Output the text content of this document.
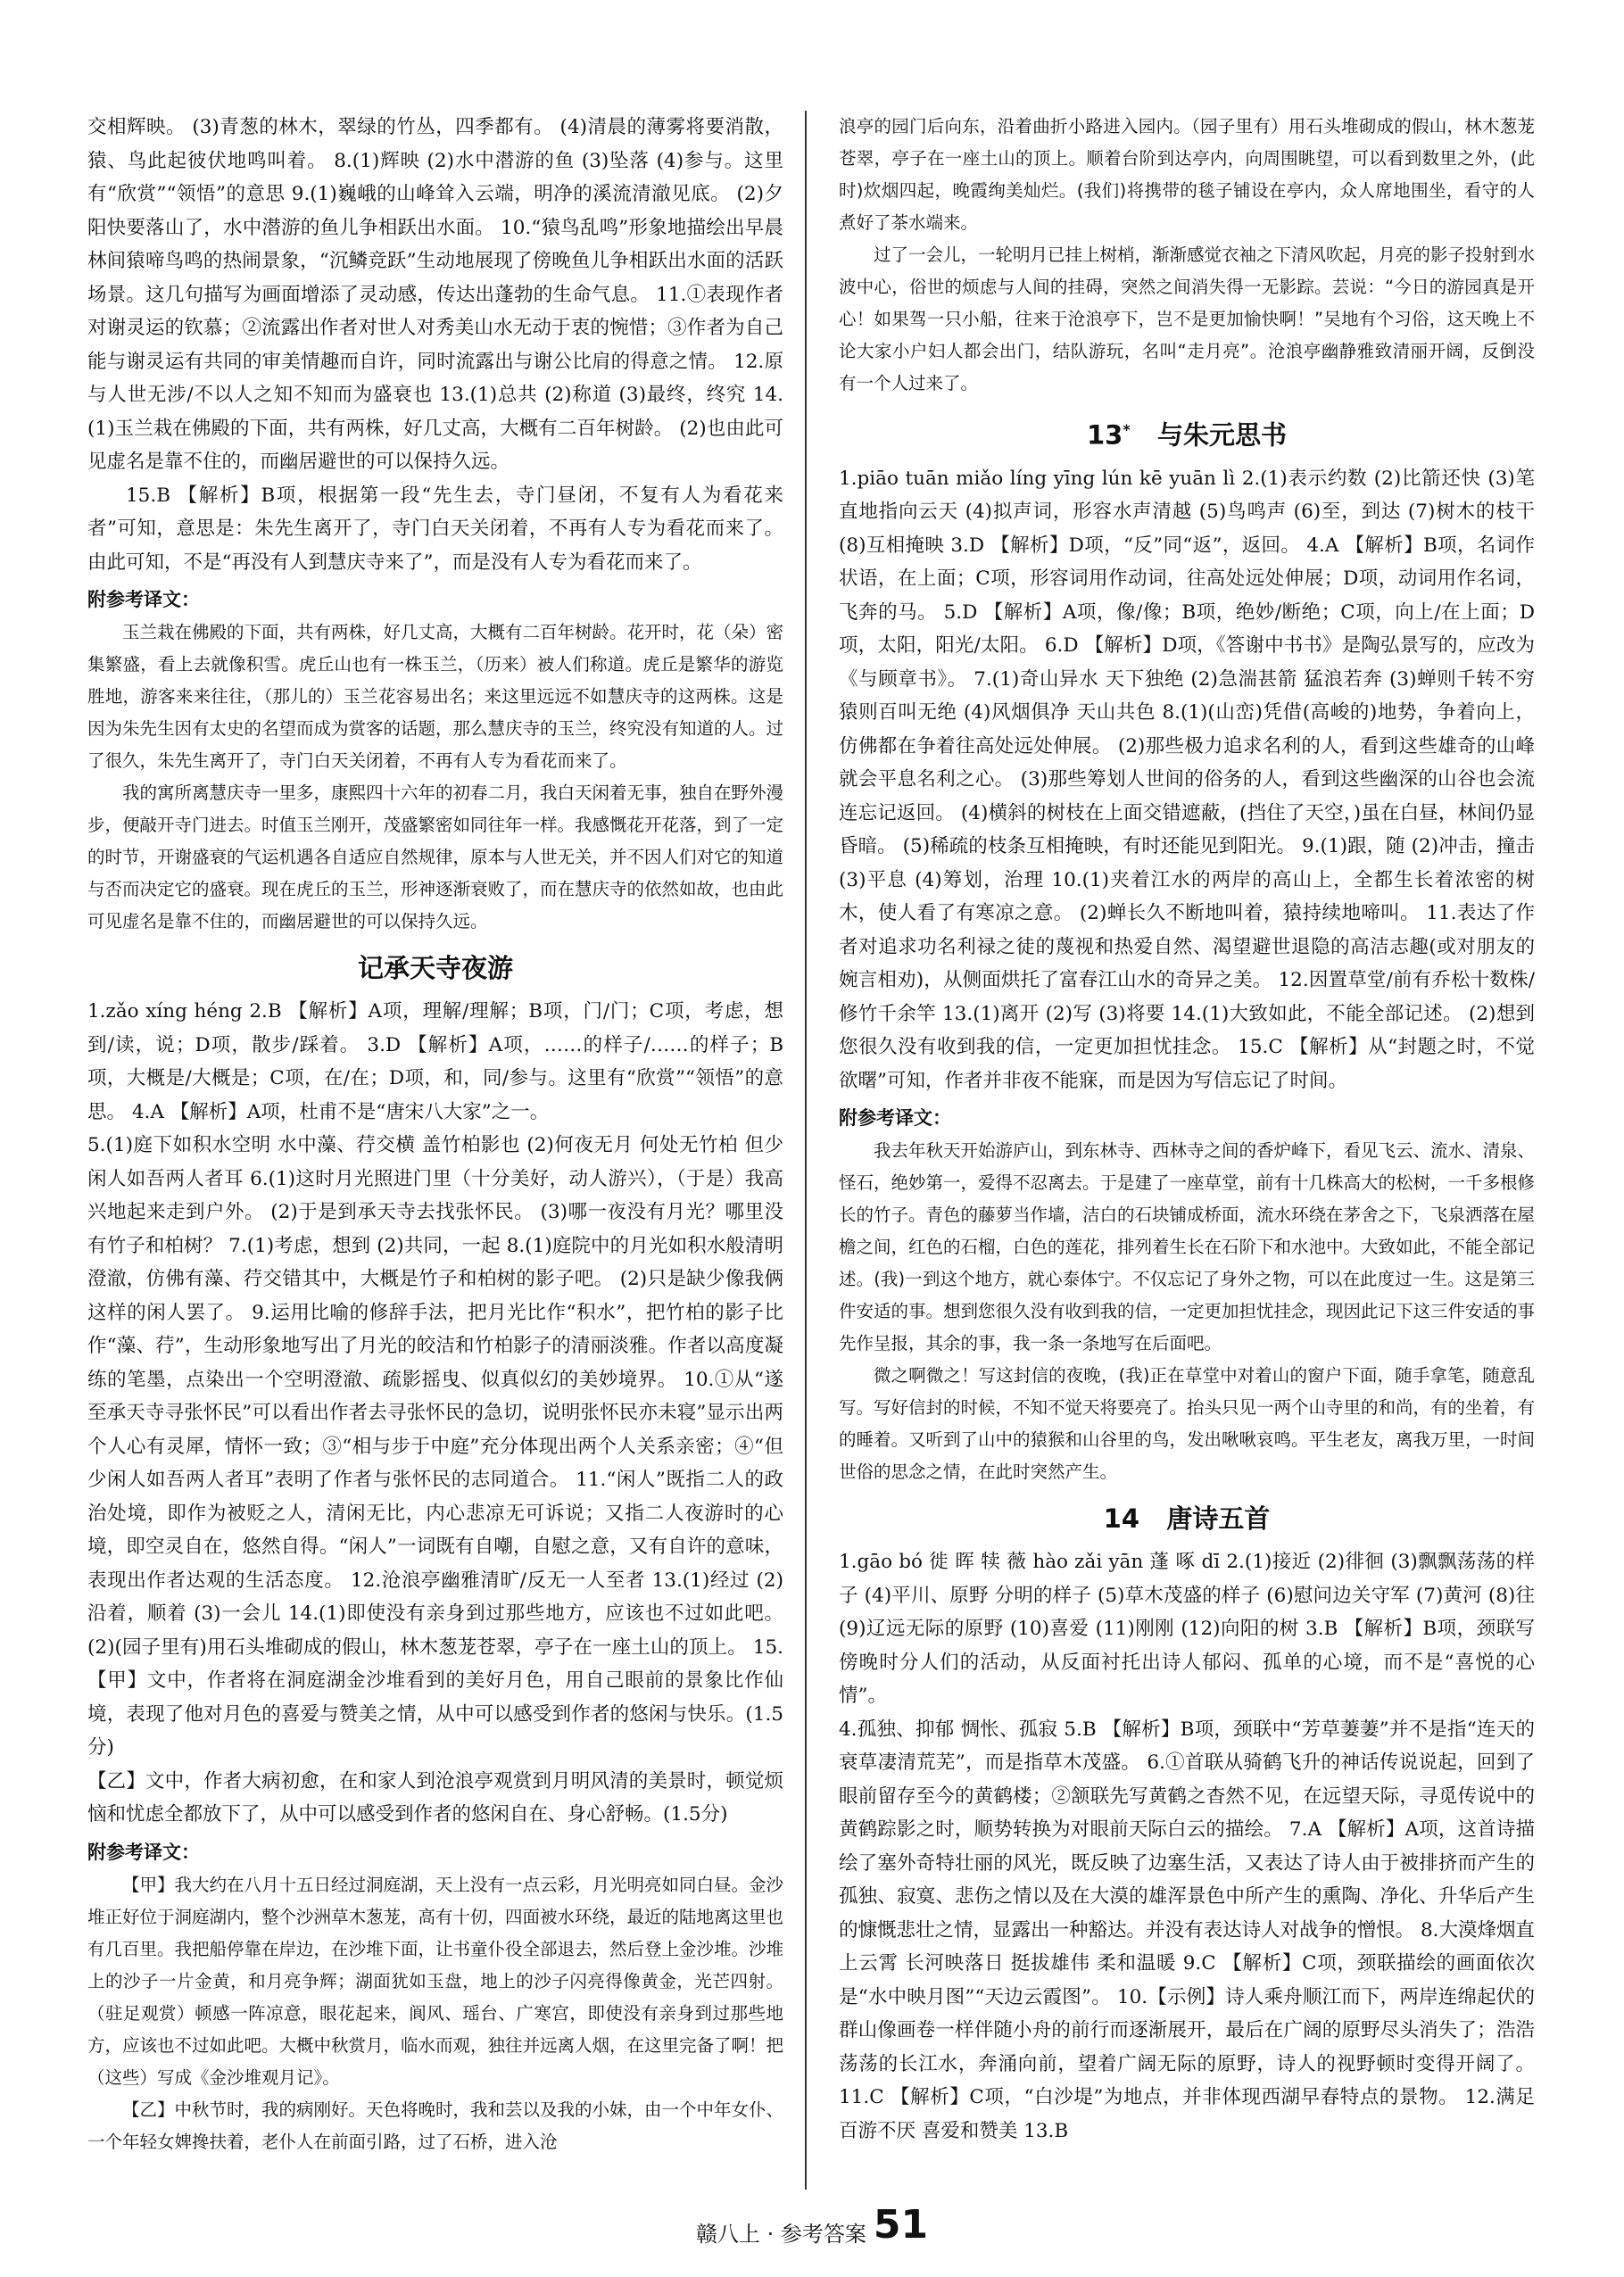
交相辉映。 (3)青葱的林木，翠绿的竹丛，四季都有。 (4)清晨的薄雾将要消散，猿、鸟此起彼伏地鸣叫着。 8.(1)辉映 (2)水中潜游的鱼 (3)坠落 (4)参与。这里有“欣赏”“领悟”的意思 9.(1)巍峨的山峰耸入云端，明净的溪流清澈见底。 (2)夕阳快要落山了，水中潜游的鱼儿争相跃出水面。 10.“猿鸟乱鸣”形象地描绘出早晨林间猿啼鸟鸣的热闹景象，“沉鳞竞跃”生动地展现了傍晚鱼儿争相跃出水面的活跃场景。这几句描写为画面增添了灵动感，传达出蓬勃的生命气息。 11.①表现作者对谢灵运的钦慕；②流露出作者对世人对秀美山水无动于衷的惋惜；③作者为自己能与谢灵运有共同的审美情趣而自许，同时流露出与谢公比肩的得意之情。 12.原与人世无涉/不以人之知不知而为盛衰也 13.(1)总共 (2)称道 (3)最终，终究 14.(1)玉兰栽在佛殿的下面，共有两株，好几丈高，大概有二百年树龄。 (2)也由此可见虚名是靠不住的，而幽居避世的可以保持久远。

15.B 【解析】B项，根据第一段“先生去，寺门昼闭，不复有人为看花来者”可知，意思是：朱先生离开了，寺门白天关闭着，不再有人专为看花而来了。由此可知，不是“再没有人到慧庆寺来了”，而是没有人专为看花而来了。

附参考译文：

玉兰栽在佛殿的下面，共有两株，好几丈高，大概有二百年树龄。花开时，花（朵）密集繁盛，看上去就像积雪。虎丘山也有一株玉兰，（历来）被人们称道。虎丘是繁华的游览胜地，游客来来往往，（那儿的）玉兰花容易出名；来这里远远不如慧庆寺的这两株。这是因为朱先生因有太史的名望而成为赏客的话题，那么慧庆寺的玉兰，终究没有知道的人。过了很久，朱先生离开了，寺门白天关闭着，不再有人专为看花而来了。

我的寓所离慧庆寺一里多，康熙四十六年的初春二月，我白天闲着无事，独自在野外漫步，便敲开寺门进去。时值玉兰刚开，茂盛繁密如同往年一样。我感慨花开花落，到了一定的时节，开谢盛衰的气运机遇各自适应自然规律，原本与人世无关，并不因人们对它的知道与否而决定它的盛衰。现在虎丘的玉兰，形神逐渐衰败了，而在慧庆寺的依然如故，也由此可见虚名是靠不住的，而幽居避世的可以保持久远。

记承天寺夜游

1.zǎo xíng héng 2.B 【解析】A项，理解/理解；B项，门/门；C项，考虑，想到/读，说；D项，散步/踩着。 3.D 【解析】A项，……的样子/……的样子；B项，大概是/大概是；C项，在/在；D项，和，同/参与。这里有“欣赏”“领悟”的意思。 4.A 【解析】A项，杜甫不是“唐宋八大家”之一。

5.(1)庭下如积水空明 水中藻、荇交横 盖竹柏影也 (2)何夜无月 何处无竹柏 但少闲人如吾两人者耳 6.(1)这时月光照进门里（十分美好，动人游兴），（于是）我高兴地起来走到户外。 (2)于是到承天寺去找张怀民。 (3)哪一夜没有月光？哪里没有竹子和柏树？ 7.(1)考虑，想到 (2)共同，一起 8.(1)庭院中的月光如积水般清明澄澈，仿佛有藻、荇交错其中，大概是竹子和柏树的影子吧。 (2)只是缺少像我俩这样的闲人罢了。 9.运用比喻的修辞手法，把月光比作“积水”，把竹柏的影子比作“藻、荇”，生动形象地写出了月光的皎洁和竹柏影子的清丽淡雅。作者以高度凝练的笔墨，点染出一个空明澄澈、疏影摇曳、似真似幻的美妙境界。 10.①从“遂至承天寺寻张怀民”可以看出作者去寻张怀民的急切，说明张怀民亦未寝”显示出两个人心有灵犀，情怀一致；③“相与步于中庭”充分体现出两个人关系亲密；④“但少闲人如吾两人者耳”表明了作者与张怀民的志同道合。 11.“闲人”既指二人的政治处境，即作为被贬之人，清闲无比，内心悲凉无可诉说；又指二人夜游时的心境，即空灵自在，悠然自得。“闲人”一词既有自嘲，自慰之意，又有自许的意味，表现出作者达观的生活态度。 12.沧浪亭幽雅清旷/反无一人至者 13.(1)经过 (2)沿着，顺着 (3)一会儿 14.(1)即使没有亲身到过那些地方，应该也不过如此吧。 (2)(园子里有)用石头堆砌成的假山，林木葱茏苍翠，亭子在一座土山的顶上。 15.【甲】文中，作者将在洞庭湖金沙堆看到的美好月色，用自己眼前的景象比作仙境，表现了他对月色的喜爱与赞美之情，从中可以感受到作者的悠闲与快乐。(1.5分)

【乙】文中，作者大病初愈，在和家人到沧浪亭观赏到月明风清的美景时，顿觉烦恼和忧虑全都放下了，从中可以感受到作者的悠闲自在、身心舒畅。(1.5分)

附参考译文：

【甲】我大约在八月十五日经过洞庭湖，天上没有一点云彩，月光明亮如同白昼。金沙堆正好位于洞庭湖内，整个沙洲草木葱茏，高有十仞，四面被水环绕，最近的陆地离这里也有几百里。我把船停靠在岸边，在沙堆下面，让书童仆役全部退去，然后登上金沙堆。沙堆上的沙子一片金黄，和月亮争辉；湖面犹如玉盘，地上的沙子闪亮得像黄金，光芒四射。（驻足观赏）顿感一阵凉意，眼花起来，阆风、瑶台、广寒宫，即使没有亲身到过那些地方，应该也不过如此吧。大概中秋赏月，临水而观，独往并远离人烟，在这里完备了啊！把（这些）写成《金沙堆观月记》。

【乙】中秋节时，我的病刚好。天色将晚时，我和芸以及我的小妹，由一个中年女仆、一个年轻女婢搀扶着，老仆人在前面引路，过了石桥，进入沧

浪亭的园门后向东，沿着曲折小路进入园内。（园子里有）用石头堆砌成的假山，林木葱茏苍翠，亭子在一座土山的顶上。顺着台阶到达亭内，向周围眺望，可以看到数里之外，(此时)炊烟四起，晚霞绚美灿烂。(我们)将携带的毯子铺设在亭内，众人席地围坐，看守的人煮好了茶水端来。

过了一会儿，一轮明月已挂上树梢，渐渐感觉衣袖之下清风吹起，月亮的影子投射到水波中心，俗世的烦虑与人间的挂碍，突然之间消失得一无影踪。芸说：“今日的游园真是开心！如果驾一只小船，往来于沧浪亭下，岂不是更加愉快啊！”吴地有个习俗，这天晚上不论大家小户妇人都会出门，结队游玩，名叫“走月亮”。沧浪亭幽静雅致清丽开阔，反倒没有一个人过来了。

13* 与朱元思书

1.piāo tuān miǎo líng yīng lún kē yuān lì 2.(1)表示约数 (2)比箭还快 (3)笔直地指向云天 (4)拟声词，形容水声清越 (5)鸟鸣声 (6)至，到达 (7)树木的枝干 (8)互相掩映 3.D 【解析】D项，“反”同“返”，返回。 4.A 【解析】B项，名词作状语，在上面；C项，形容词用作动词，往高处远处伸展；D项，动词用作名词，飞奔的马。 5.D 【解析】A项，像/像；B项，绝妙/断绝；C项，向上/在上面；D项，太阳，阳光/太阳。 6.D 【解析】D项，《答谢中书书》是陶弘景写的，应改为《与顾章书》。 7.(1)奇山异水 天下独绝 (2)急湍甚箭 猛浪若奔 (3)蝉则千转不穷 猿则百叫无绝 (4)风烟俱净 天山共色 8.(1)(山峦)凭借(高峻的)地势，争着向上，仿佛都在争着往高处远处伸展。 (2)那些极力追求名利的人，看到这些雄奇的山峰就会平息名利之心。 (3)那些筹划人世间的俗务的人，看到这些幽深的山谷也会流连忘记返回。 (4)横斜的树枝在上面交错遮蔽，(挡住了天空，)虽在白昼，林间仍显昏暗。 (5)稀疏的枝条互相掩映，有时还能见到阳光。 9.(1)跟，随 (2)冲击，撞击 (3)平息 (4)筹划，治理 10.(1)夹着江水的两岸的高山上，全都生长着浓密的树木，使人看了有寒凉之意。 (2)蝉长久不断地叫着，猿持续地啼叫。 11.表达了作者对追求功名利禄之徒的蔑视和热爱自然、渴望避世退隐的高洁志趣(或对朋友的婉言相劝)，从侧面烘托了富春江山水的奇异之美。 12.因置草堂/前有乔松十数株/修竹千余竿 13.(1)离开 (2)写 (3)将要 14.(1)大致如此，不能全部记述。 (2)想到您很久没有收到我的信，一定更加担忧挂念。 15.C 【解析】从“封题之时，不觉欲曙”可知，作者并非夜不能寐，而是因为写信忘记了时间。

附参考译文：

我去年秋天开始游庐山，到东林寺、西林寺之间的香炉峰下，看见飞云、流水、清泉、怪石，绝妙第一，爱得不忍离去。于是建了一座草堂，前有十几株高大的松树，一千多根修长的竹子。青色的藤萝当作墙，洁白的石块铺成桥面，流水环绕在茅舍之下，飞泉洒落在屋檐之间，红色的石榴，白色的莲花，排列着生长在石阶下和水池中。大致如此，不能全部记述。(我)一到这个地方，就心泰体宁。不仅忘记了身外之物，可以在此度过一生。这是第三件安适的事。想到您很久没有收到我的信，一定更加担忧挂念，现因此记下这三件安适的事先作呈报，其余的事，我一条一条地写在后面吧。

微之啊微之！写这封信的夜晚，(我)正在草堂中对着山的窗户下面，随手拿笔，随意乱写。写好信封的时候，不知不觉天将要亮了。抬头只见一两个山寺里的和尚，有的坐着，有的睡着。又听到了山中的猿猴和山谷里的鸟，发出啾啾哀鸣。平生老友，离我万里，一时间世俗的思念之情，在此时突然产生。

14 唐诗五首

1.gāo bó 徙 晖 犊 薇 hào zǎi yān 蓬 啄 dī 2.(1)接近 (2)徘徊 (3)飘飘荡荡的样子 (4)平川、原野 分明的样子 (5)草木茂盛的样子 (6)慰问边关守军 (7)黄河 (8)往 (9)辽远无际的原野 (10)喜爱 (11)刚刚 (12)向阳的树 3.B 【解析】B项，颈联写傍晚时分人们的活动，从反面衬托出诗人郁闷、孤单的心境，而不是“喜悦的心情”。

4.孤独、抑郁 惆怅、孤寂 5.B 【解析】B项，颈联中“芳草萋萋”并不是指“连天的衰草凄清荒芜”，而是指草木茂盛。 6.①首联从骑鹤飞升的神话传说说起，回到了眼前留存至今的黄鹤楼；②颔联先写黄鹤之杳然不见，在远望天际，寻觅传说中的黄鹤踪影之时，顺势转换为对眼前天际白云的描绘。 7.A 【解析】A项，这首诗描绘了塞外奇特壮丽的风光，既反映了边塞生活，又表达了诗人由于被排挤而产生的孤独、寂寞、悲伤之情以及在大漠的雄浑景色中所产生的熏陶、净化、升华后产生的慷慨悲壮之情，显露出一种豁达。并没有表达诗人对战争的憎恨。 8.大漠烽烟直上云霄 长河映落日 挺拔雄伟 柔和温暖 9.C 【解析】C项，颈联描绘的画面依次是“水中映月图”“天边云霞图”。 10.【示例】诗人乘舟顺江而下，两岸连绵起伏的群山像画卷一样伴随小舟的前行而逐渐展开，最后在广阔的原野尽头消失了；浩浩荡荡的长江水，奔涌向前，望着广阔无际的原野，诗人的视野顿时变得开阔了。 11.C 【解析】C项，“白沙堤”为地点，并非体现西湖早春特点的景物。 12.满足 百游不厌 喜爱和赞美 13.B

赣八上 · 参考答案 51
